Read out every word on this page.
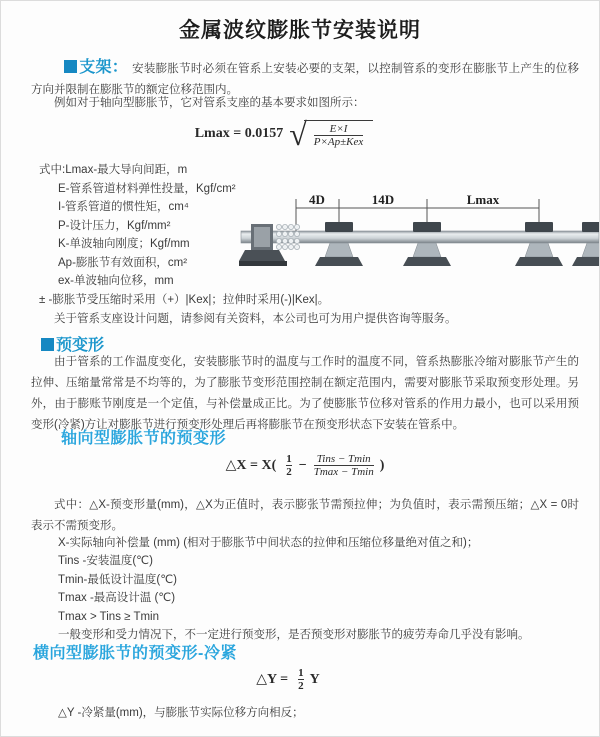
金属波纹膨胀节安装说明

支架： 安装膨胀节时必须在管系上安装必要的支架，以控制管系的变形在膨胀节上产生的位移方向并限制在膨胀节的额定位移范围内。

例如对于轴向型膨胀节，它对管系支座的基本要求如图所示：

Lmax = 0.0157 √ $\frac{E\times I}{\text{P×Ap±Kex}}$
式中:Lmax-最大导向间距，m
E-管系管道材料弹性投量，Kgf/cm²
I-管系管道的惯性矩，cm⁴
P-设计压力，Kgf/mm²
K-单波轴向刚度；Kgf/mm
Ap-膨胀节有效面积，cm²
ex-单波轴向位移，mm
± -膨胀节受压缩时采用（+）|Kex|；拉伸时采用(-)|Kex|。
4D	14D	Lmax

关于管系支座设计问题，请参阅有关资料，本公司也可为用户提供咨询等服务。

预变形

由于管系的工作温度变化，安装膨胀节时的温度与工作时的温度不同，管系热膨胀冷缩对膨胀节产生的拉伸、压缩量常常是不均等的，为了膨胀节变形范围控制在额定范围内，需要对膨胀节采取预变形处理。另外，由于膨账节刚度是一个定值，与补偿量成正比。为了使膨胀节位移对管系的作用力最小，也可以采用预变形(冷紧)方让对膨胀节进行预变形处理后再将膨胀节在预变形状态下安装在管系中。

轴向型膨胀节的预变形
△X = $X( \frac{1}{2} - \frac{\text{Tins − Tmin}}{Tmax - Tmin}$ )

式中：△X-预变形量(mm)，△X为正值时，表示膨张节需预拉伸；为负值时，表示需预压缩；△X = 0时表示不需预变形。

X-实际轴向补偿量 (mm) (相对于膨胀节中间状态的拉伸和压缩位移量绝对值之和)；
Tins -安装温度(℃)
Tmin-最低设计温度(℃)
Tmax -最高设计温 (℃)
Tmax > Tins ≥ Tmin
一般变形和受力情况下，不一定进行预变形，是否预变形对膨胀节的疲劳寿命几乎没有影响。
横向型膨胀节的预变形-冷紧
△Y = $\frac{1}{2}$ Y

△Y -冷紧量(mm)，与膨胀节实际位移方向相反；
